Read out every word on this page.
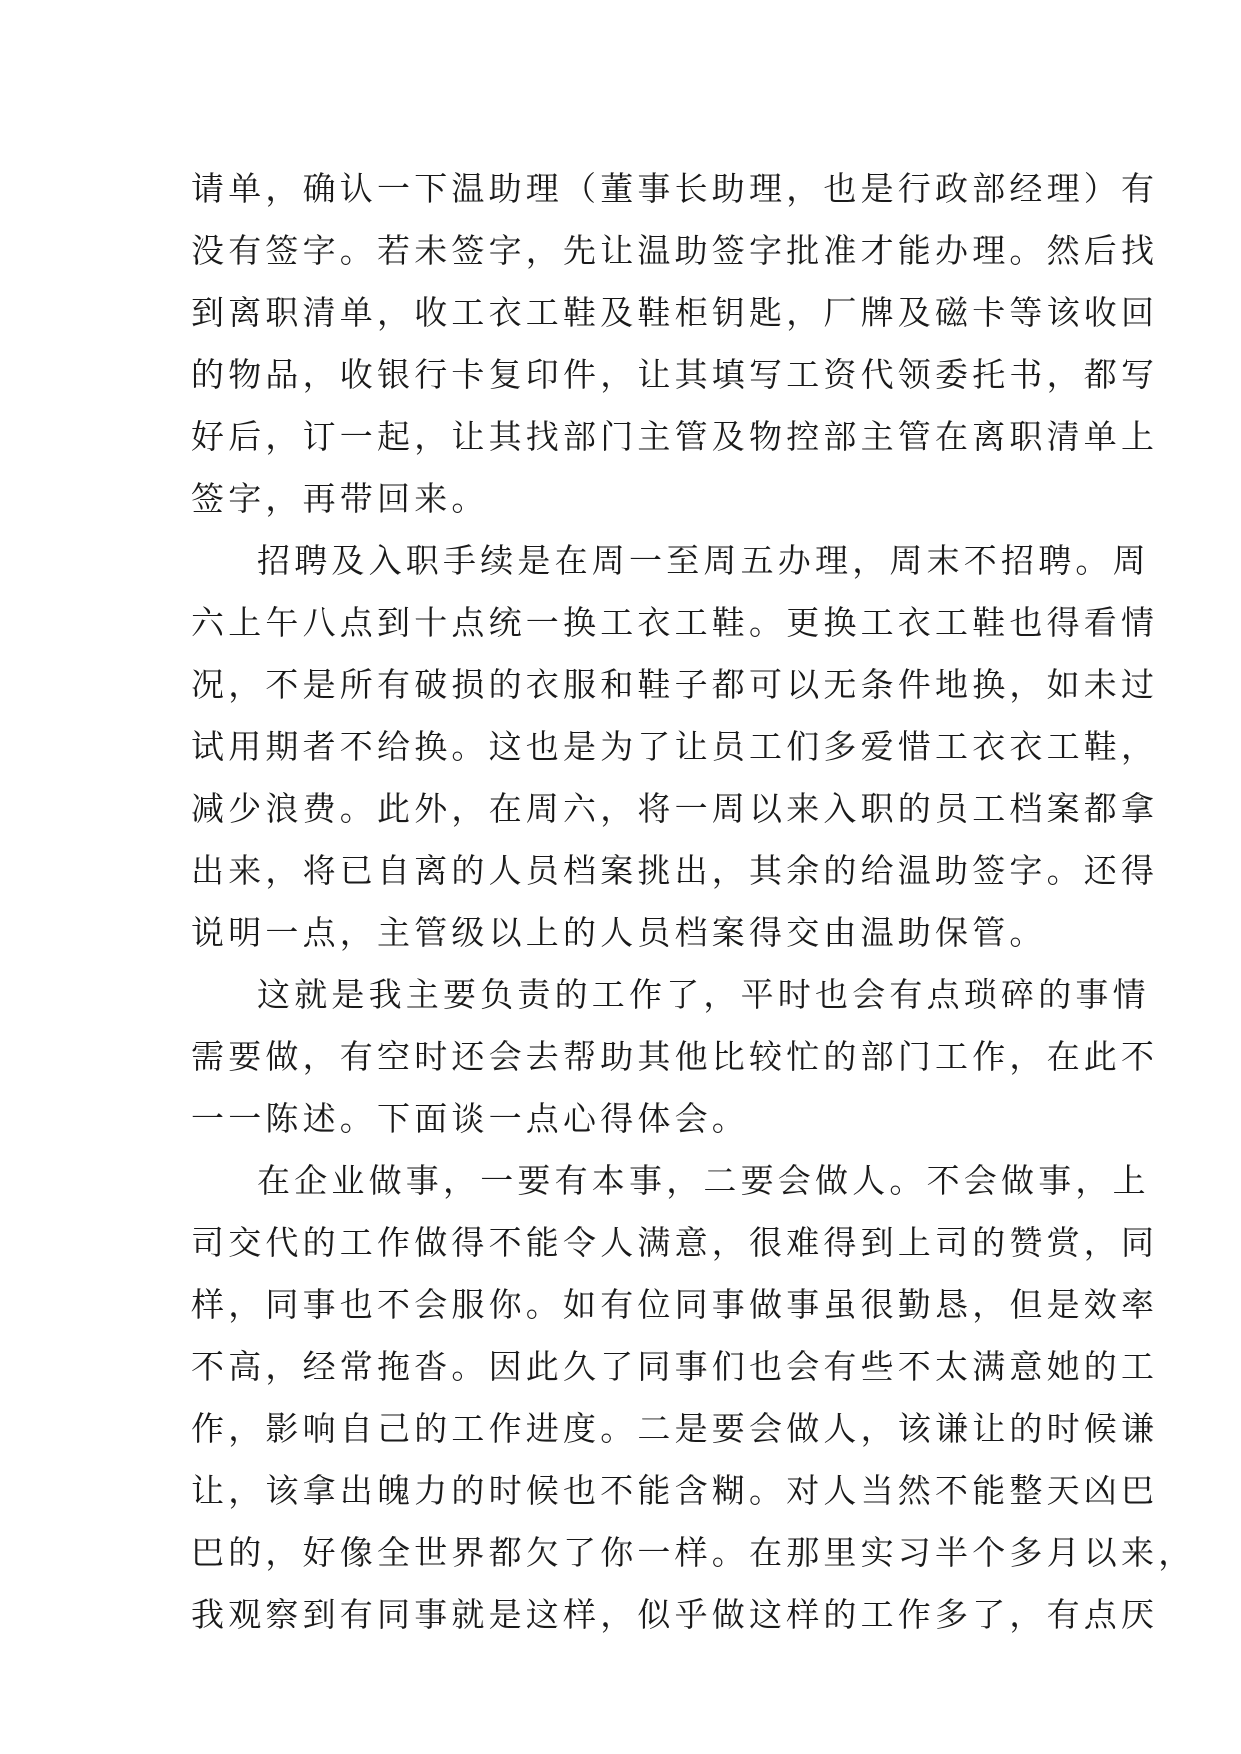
请单，确认一下温助理（董事长助理，也是行政部经理）有
没有签字。若未签字，先让温助签字批准才能办理。然后找
到离职清单，收工衣工鞋及鞋柜钥匙，厂牌及磁卡等该收回
的物品，收银行卡复印件，让其填写工资代领委托书，都写
好后，订一起，让其找部门主管及物控部主管在离职清单上
签字，再带回来。
招聘及入职手续是在周一至周五办理，周末不招聘。周
六上午八点到十点统一换工衣工鞋。更换工衣工鞋也得看情
况，不是所有破损的衣服和鞋子都可以无条件地换，如未过
试用期者不给换。这也是为了让员工们多爱惜工衣衣工鞋，
减少浪费。此外，在周六，将一周以来入职的员工档案都拿
出来，将已自离的人员档案挑出，其余的给温助签字。还得
说明一点，主管级以上的人员档案得交由温助保管。
这就是我主要负责的工作了，平时也会有点琐碎的事情
需要做，有空时还会去帮助其他比较忙的部门工作，在此不
一一陈述。下面谈一点心得体会。
在企业做事，一要有本事，二要会做人。不会做事，上
司交代的工作做得不能令人满意，很难得到上司的赞赏，同
样，同事也不会服你。如有位同事做事虽很勤恳，但是效率
不高，经常拖沓。因此久了同事们也会有些不太满意她的工
作，影响自己的工作进度。二是要会做人，该谦让的时候谦
让，该拿出魄力的时候也不能含糊。对人当然不能整天凶巴
巴的，好像全世界都欠了你一样。在那里实习半个多月以来，
我观察到有同事就是这样，似乎做这样的工作多了，有点厌
